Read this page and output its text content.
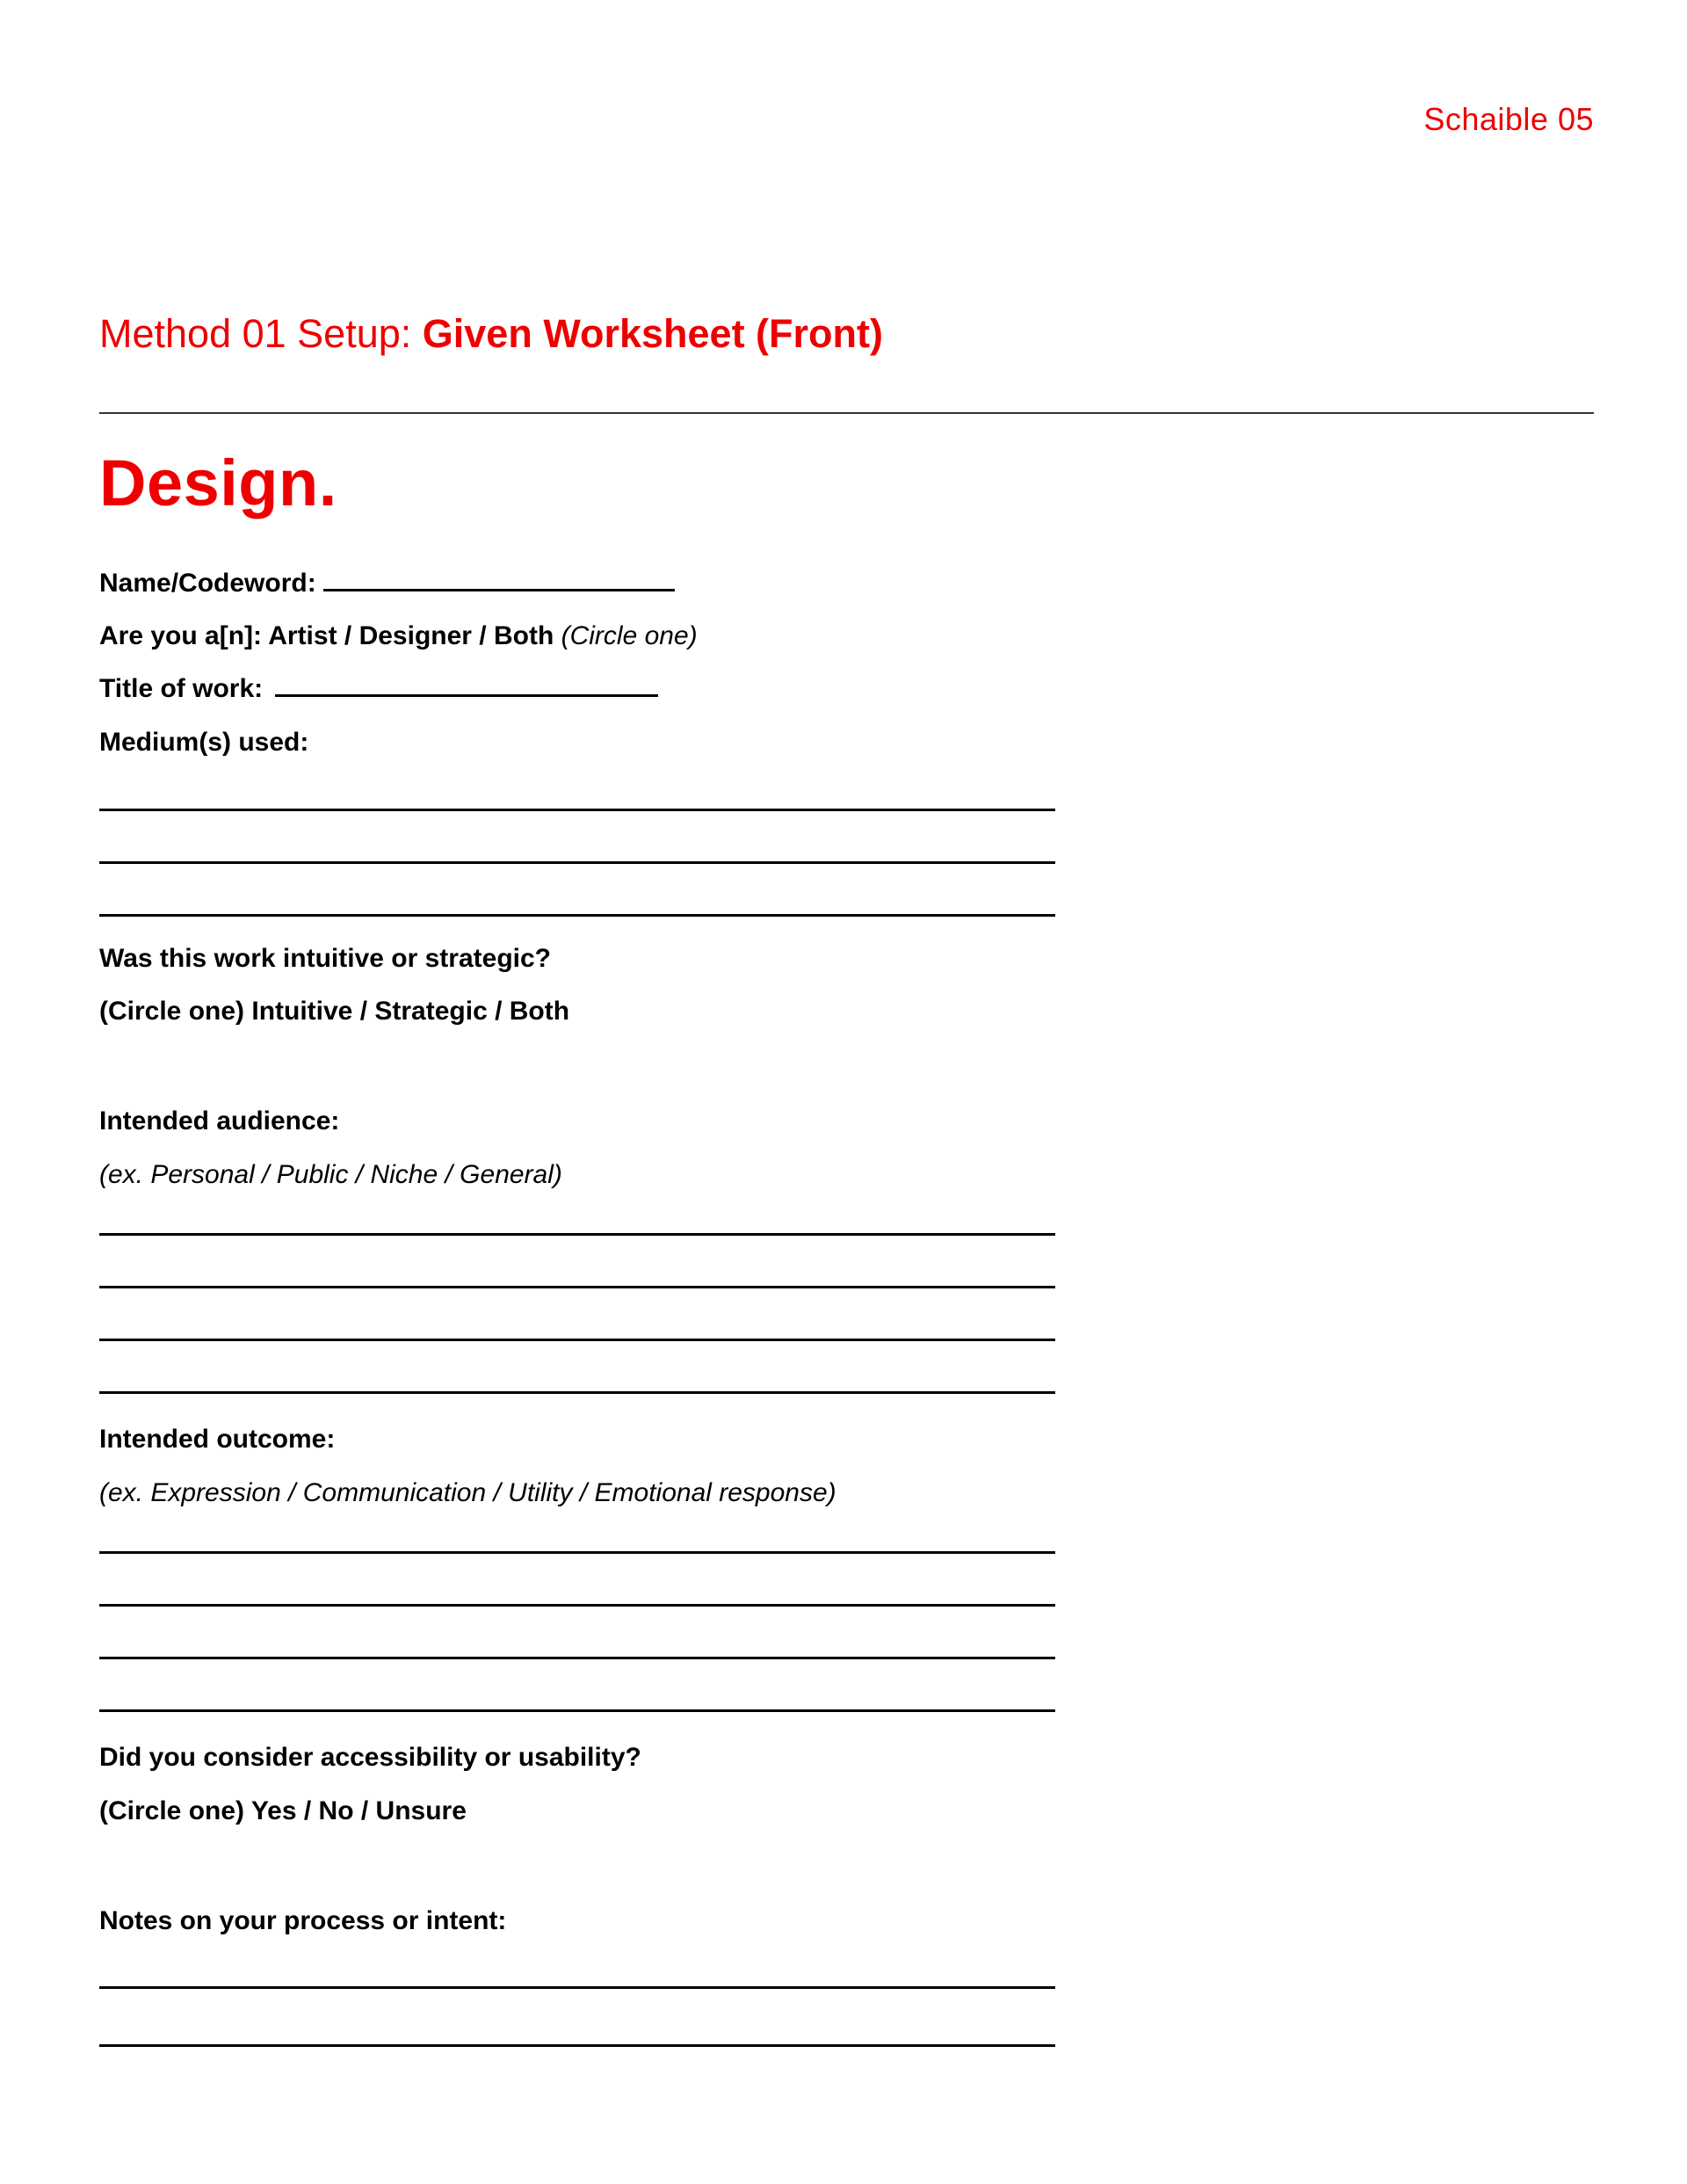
Schaible 05
Method 01 Setup: Given Worksheet (Front)
Design.
Name/Codeword:
Are you a[n]: Artist / Designer / Both (Circle one)
Title of work:
Medium(s) used:
Was this work intuitive or strategic?
(Circle one) Intuitive / Strategic / Both
Intended audience:
(ex. Personal / Public / Niche / General)
Intended outcome:
(ex. Expression / Communication / Utility / Emotional response)
Did you consider accessibility or usability?
(Circle one) Yes / No / Unsure
Notes on your process or intent:
